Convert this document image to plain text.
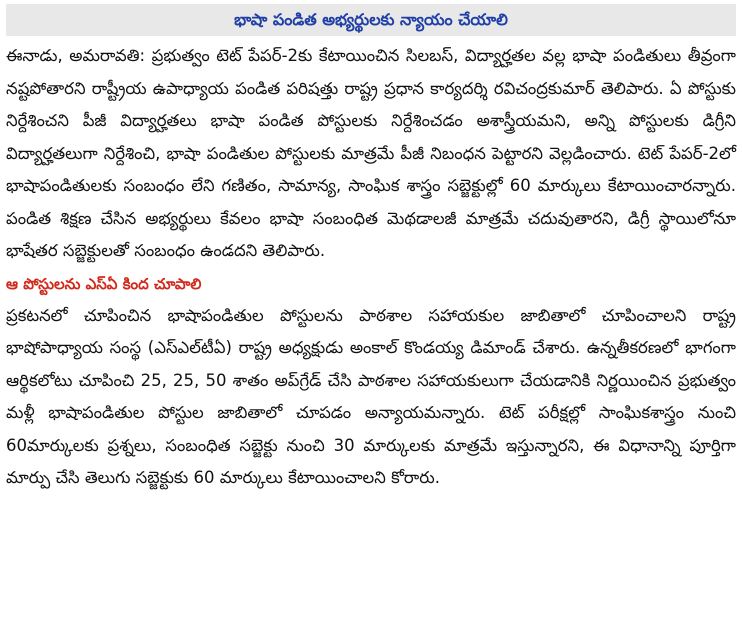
భాషా పండిత అభ్యర్థులకు న్యాయం చేయాలి

ఈనాడు, అమరావతి: ప్రభుత్వం టెట్ పేపర్-2కు కేటాయించిన సిలబస్, విద్యార్హతల వల్ల భాషా పండితులు తీవ్రంగా నష్టపోతారని రాష్ట్రీయ ఉపాధ్యాయ పండిత పరిషత్తు రాష్ట్ర ప్రధాన కార్యదర్శి రవిచంద్రకుమార్ తెలిపారు. ఏ పోస్టుకు నిర్దేశించని పీజీ విద్యార్హతలు భాషా పండిత పోస్టులకు నిర్దేశించడం అశాస్త్రీయమని, అన్ని పోస్టులకు డిగ్రీని విద్యార్హతలుగా నిర్దేశించి, భాషా పండితుల పోస్టులకు మాత్రమే పీజీ నిబంధన పెట్టారని వెల్లడించారు. టెట్ పేపర్-2లో భాషాపండితులకు సంబంధం లేని గణితం, సామాన్య, సాంఘిక శాస్త్రం సబ్జెక్టుల్లో 60 మార్కులు కేటాయించారన్నారు. పండిత శిక్షణ చేసిన అభ్యర్థులు కేవలం భాషా సంబంధిత మెథడాలజీ మాత్రమే చదువుతారని, డిగ్రీ స్థాయిలోనూ భాషేతర సబ్జెక్టులతో సంబంధం ఉండదని తెలిపారు.

ఆ పోస్టులను ఎస్‌ఏ కింద చూపాలి

ప్రకటనలో చూపించిన భాషాపండితుల పోస్టులను పాఠశాల సహాయకుల జాబితాలో చూపించాలని రాష్ట్ర భాషోపాధ్యాయ సంస్థ (ఎస్ఎల్‌టీఏ) రాష్ట్ర అధ్యక్షుడు అంకాల్ కొండయ్య డిమాండ్ చేశారు. ఉన్నతీకరణలో భాగంగా ఆర్థికలోటు చూపించి 25, 25, 50 శాతం అప్‌గ్రేడ్ చేసి పాఠశాల సహాయకులుగా చేయడానికి నిర్ణయించిన ప్రభుత్వం మళ్లీ భాషాపండితుల పోస్టుల జాబితాలో చూపడం అన్యాయమన్నారు. టెట్ పరీక్షల్లో సాంఘికశాస్త్రం నుంచి 60మార్కులకు ప్రశ్నలు, సంబంధిత సబ్జెక్టు నుంచి 30 మార్కులకు మాత్రమే ఇస్తున్నారని, ఈ విధానాన్ని పూర్తిగా మార్పు చేసి తెలుగు సబ్జెక్టుకు 60 మార్కులు కేటాయించాలని కోరారు.
